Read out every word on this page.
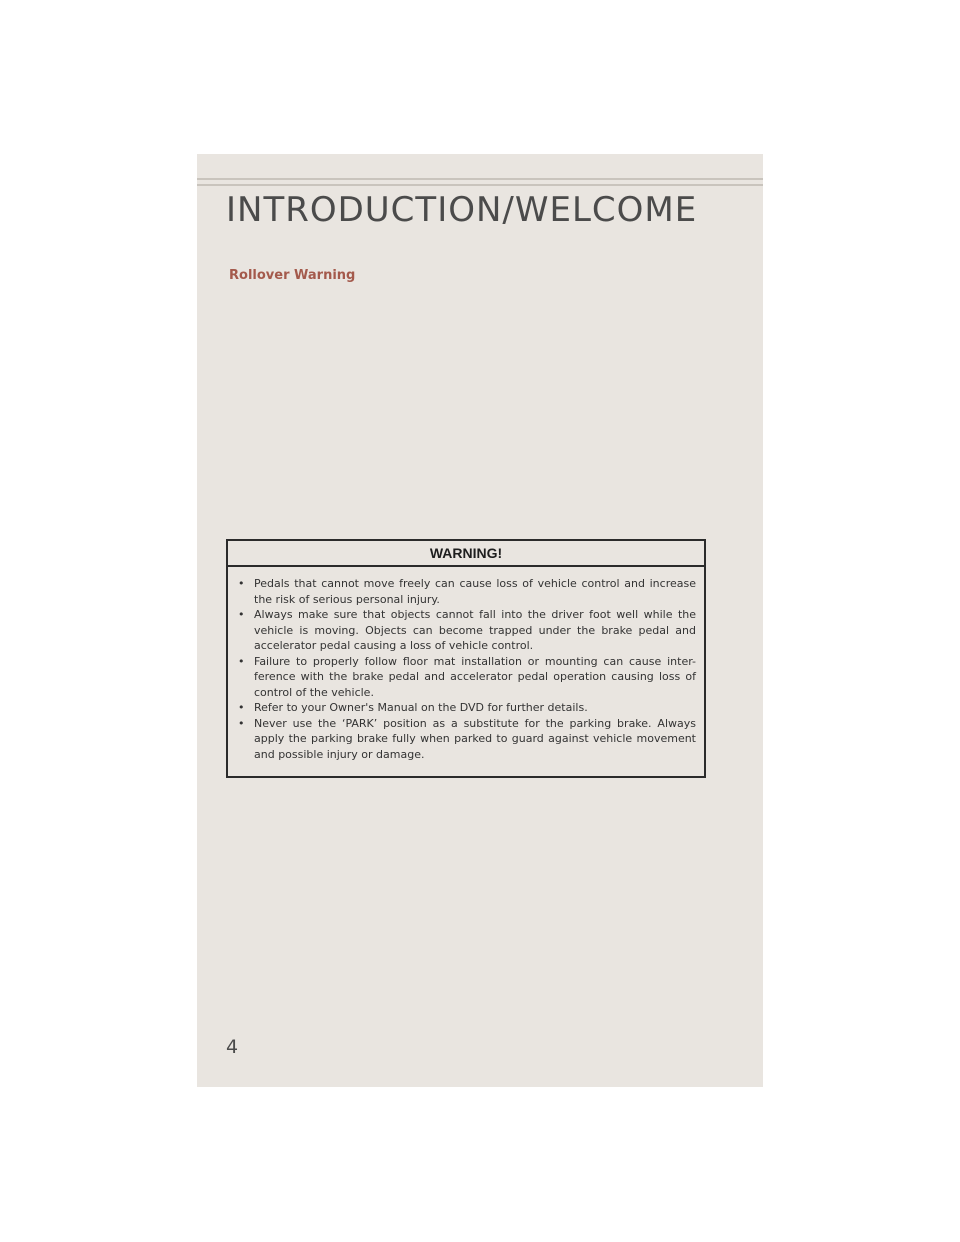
INTRODUCTION/WELCOME
Rollover Warning
WARNING!
• Pedals that cannot move freely can cause loss of vehicle control and increase the risk of serious personal injury.
• Always make sure that objects cannot fall into the driver foot well while the vehicle is moving. Objects can become trapped under the brake pedal and accelerator pedal causing a loss of vehicle control.
• Failure to properly follow floor mat installation or mounting can cause inter-ference with the brake pedal and accelerator pedal operation causing loss of control of the vehicle.
• Refer to your Owner's Manual on the DVD for further details.
• Never use the ‘PARK’ position as a substitute for the parking brake. Always apply the parking brake fully when parked to guard against vehicle movement and possible injury or damage.
4
